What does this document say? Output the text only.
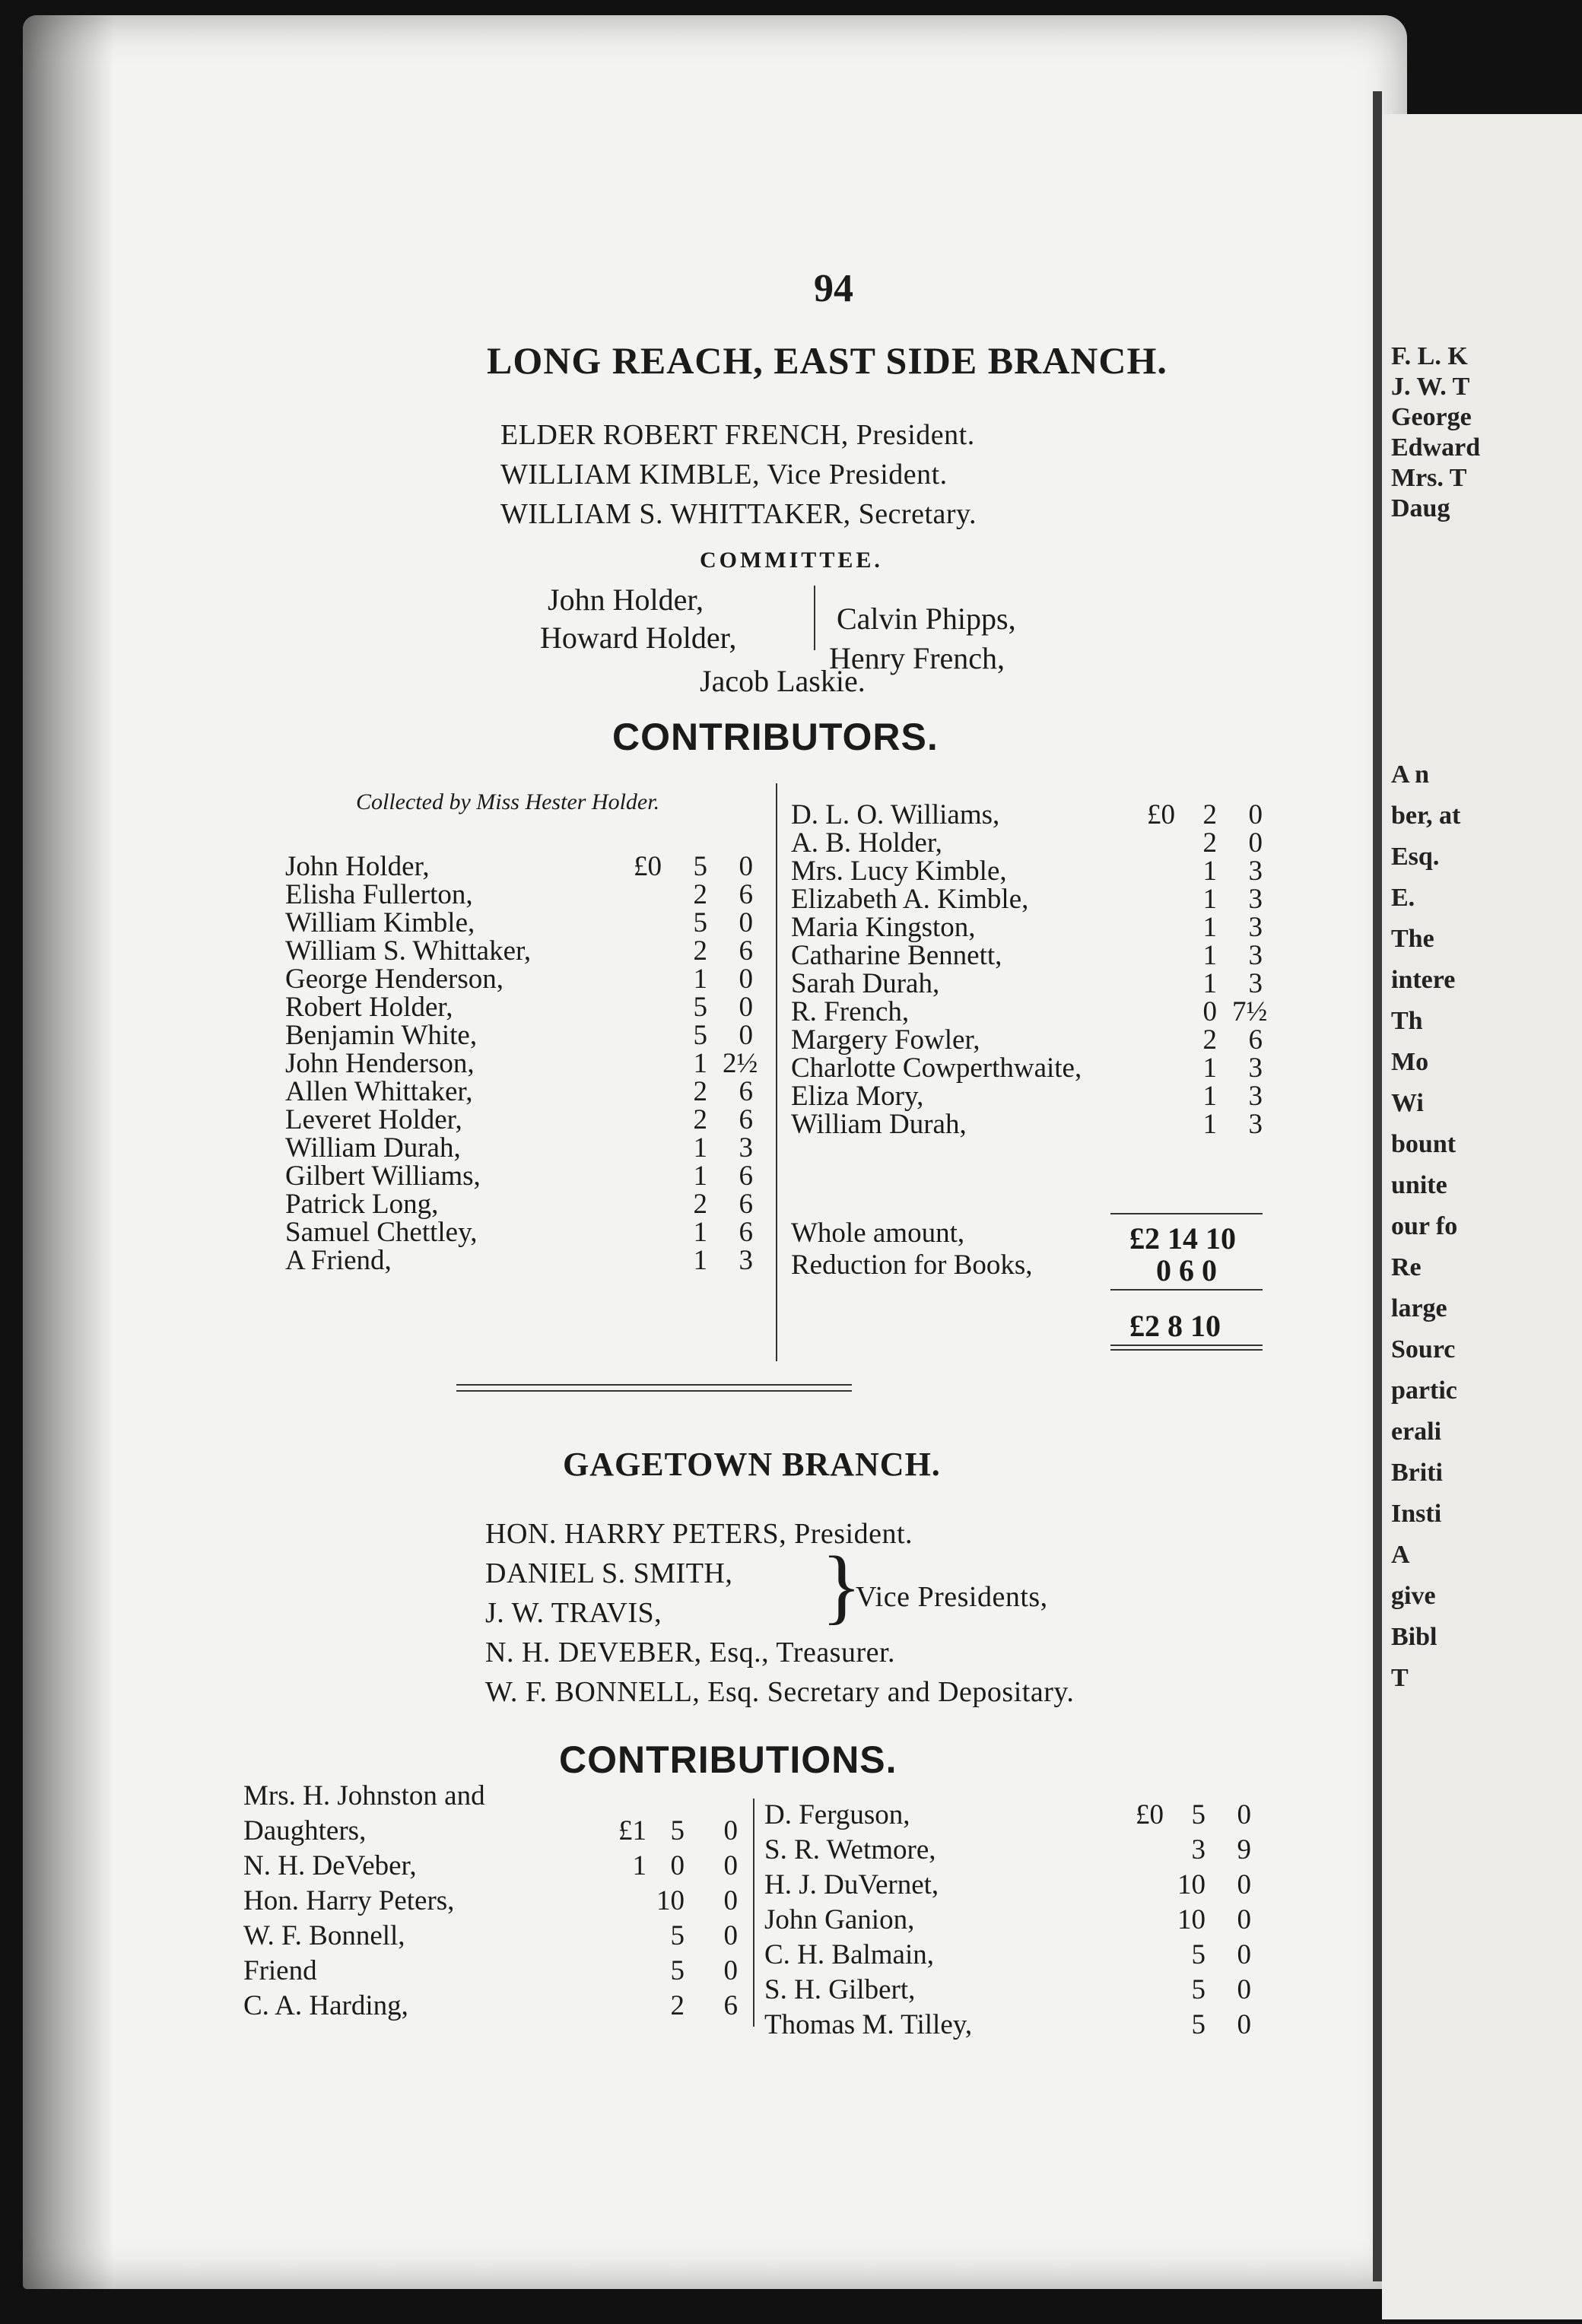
94
LONG REACH, EAST SIDE BRANCH.
ELDER ROBERT FRENCH, President.
WILLIAM KIMBLE, Vice President.
WILLIAM S. WHITTAKER, Secretary.
COMMITTEE.
John Holder,
Howard Holder,
Calvin Phipps,
Henry French,
Jacob Laskie.
CONTRIBUTORS.
Collected by Miss Hester Holder.
John Holder,	£0	5	0
Elisha Fullerton,	2	6
William Kimble,	5	0
William S. Whittaker,	2	6
George Henderson,	1	0
Robert Holder,	5	0
Benjamin White,	5	0
John Henderson,	1 2½
Allen Whittaker,	2	6
Leveret Holder,	2	6
William Durah,	1	3
Gilbert Williams,	1	6
Patrick Long,	2	6
Samuel Chettley,	1	6
A Friend,	1	3
D. L. O. Williams,	£0 2	0
A. B. Holder,	2	0
Mrs. Lucy Kimble,	1	3
Elizabeth A. Kimble,	1	3
Maria Kingston,	1	3
Catharine Bennett,	1	3
Sarah Durah,	1	3
R. French,	0 7½
Margery Fowler,	2	6
Charlotte Cowperthwaite,	1	3
Eliza Mory,	1	3
William Durah,	1	3
Whole amount,	£2 14 10
Reduction for Books,	0 6 0
£2 8 10
GAGETOWN BRANCH.
HON. HARRY PETERS, President.
DANIEL S. SMITH,
J. W. TRAVIS, }
Vice Presidents,
N. H. DEVEBER, Esq., Treasurer.
W. F. BONNELL, Esq. Secretary and Depositary.
CONTRIBUTIONS.
Mrs. H. Johnston and
Daughters,	£1 5	0
N. H. DeVeber,	1 0	0
Hon. Harry Peters,	10	0
W. F. Bonnell,	5	0
Friend	5	0
C. A. Harding,	2	6
D. Ferguson,	£0 5	0
S. R. Wetmore,	3	9
H. J. DuVernet,	10	0
John Ganion,	10	0
C. H. Balmain,	5	0
S. H. Gilbert,	5	0
Thomas M. Tilley,	5	0
F. L. K
J. W. T
George
Edward
Mrs. T
Daug
A n
ber, at
Esq.
E.
The
intere
Th
Mo
Wi
bount
unite
our fo
Re
large
Sourc
partic
erali
Briti
Insti
A
give
Bibl
T
